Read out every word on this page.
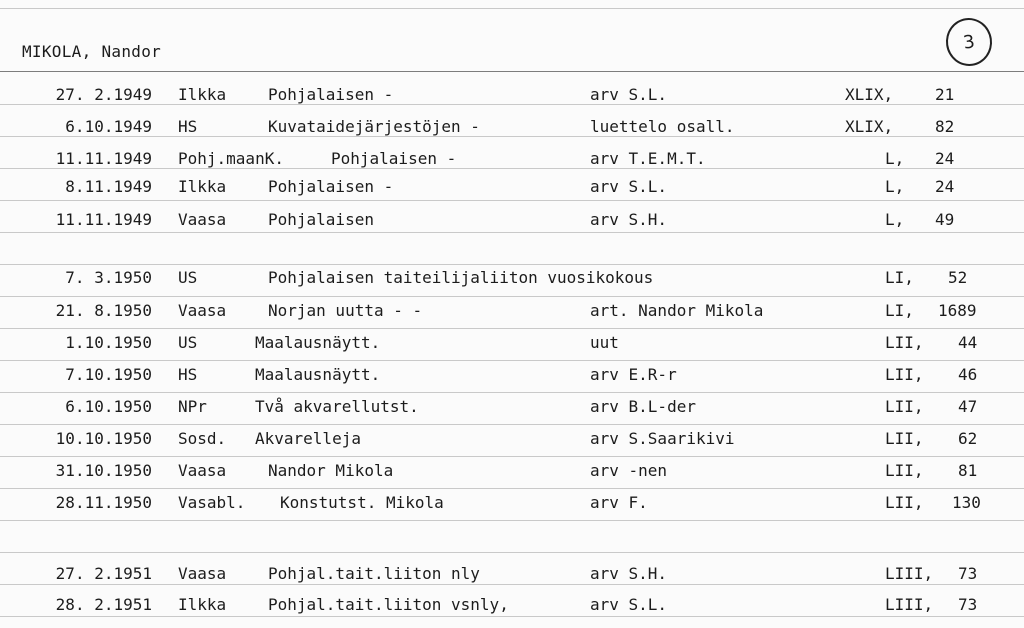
MIKOLA, Nandor	3
27. 2.1949 Ilkka	Pohjalaisen -	arv S.L.	XLIX,	21
6.10.1949 HS	Kuvataidejärjestöjen -	luettelo osall.	XLIX,	82
11.11.1949 Pohj.maanK.	Pohjalaisen -	arv T.E.M.T.	L, 24
8.11.1949 Ilkka	Pohjalaisen -	arv S.L.	L, 24
11.11.1949 Vaasa	Pohjalaisen	arv S.H.	L, 49
7. 3.1950 US	Pohjalaisen taiteilijaliiton vuosikokous	LI, 52
21. 8.1950 Vaasa	Norjan uutta - -	art. Nandor Mikola	LI, 1689
1.10.1950 US	Maalausnäytt.	uut	LII, 44
7.10.1950 HS	Maalausnäytt.	arv E.R-r	LII, 46
6.10.1950 NPr	Två akvarellutst.	arv B.L-der	LII, 47
10.10.1950 Sosd. Akvarelleja	arv S.Saarikivi	LII, 62
31.10.1950 Vaasa	Nandor Mikola	arv -nen	LII, 81
28.11.1950 Vasabl. Konstutst. Mikola	arv F.	LII, 130
27. 2.1951 Vaasa	Pohjal.tait.liiton nly	arv S.H.	LIII, 73
28. 2.1951 Ilkka	Pohjal.tait.liiton vsnly,	arv S.L.	LIII, 73
